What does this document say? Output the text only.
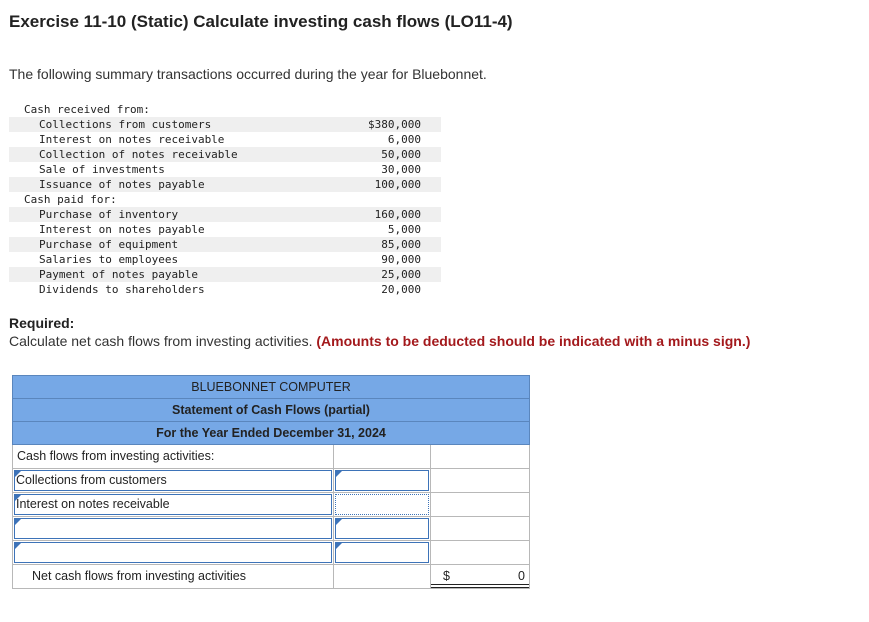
Exercise 11-10 (Static) Calculate investing cash flows (LO11-4)
The following summary transactions occurred during the year for Bluebonnet.

Cash received from:

Collections from customers

	$380,000

Interest on notes receivable

	6,000

Collection of notes receivable

	50,000

Sale of investments

	30,000

Issuance of notes payable

	100,000

Cash paid for:

Purchase of inventory

	160,000

Interest on notes payable

	5,000

Purchase of equipment

	85,000

Salaries to employees

	90,000

Payment of notes payable

	25,000

Dividends to shareholders

	20,000

Required:
Calculate net cash flows from investing activities. (Amounts to be deducted should be indicated with a minus sign.)
BLUEBONNET COMPUTER
Statement of Cash Flows (partial)
For the Year Ended December 31, 2024
Cash flows from investing activities:
Collections from customers
Interest on notes receivable
Net cash flows from investing activities	$	0
